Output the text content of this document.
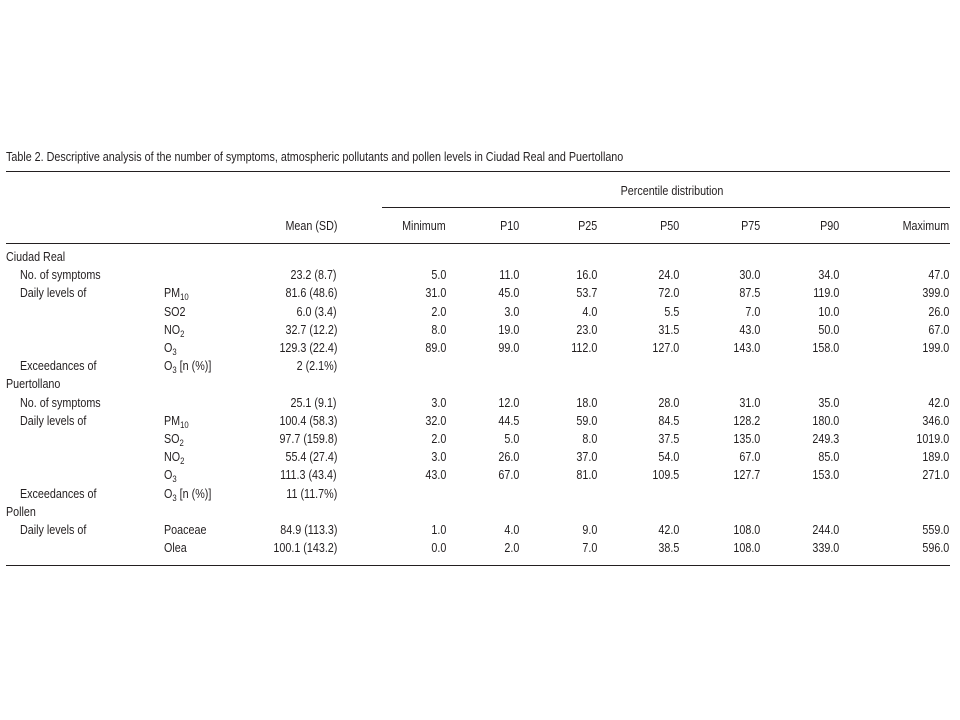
Table 2. Descriptive analysis of the number of symptoms, atmospheric pollutants and pollen levels in Ciudad Real and Puertollano
Percentile distribution
Mean (SD)	Minimum	P10	P25	P50	P75	P90	Maximum
Ciudad Real
No. of symptoms	23.2 (8.7)	5.0	11.0	16.0	24.0	30.0	34.0	47.0
Daily levels of	$PM_{10}$	81.6 (48.6)	31.0	45.0	53.7	72.0	87.5	119.0	399.0
SO2	6.0 (3.4)	2.0	3.0	4.0	5.5	7.0	10.0	26.0
$NO_2$	32.7 (12.2)	8.0	19.0	23.0	31.5	43.0	50.0	67.0
$O_3$	129.3 (22.4)	89.0	99.0	112.0	127.0	143.0	158.0	199.0
Exceedances of	$O_3$ [n (%)]	2 (2.1%)
Puertollano
No. of symptoms	25.1 (9.1)	3.0	12.0	18.0	28.0	31.0	35.0	42.0
Daily levels of	$PM_{10}$	100.4 (58.3)	32.0	44.5	59.0	84.5	128.2	180.0	346.0
$SO_2$	97.7 (159.8)	2.0	5.0	8.0	37.5	135.0	249.3	1019.0
$NO_2$	55.4 (27.4)	3.0	26.0	37.0	54.0	67.0	85.0	189.0
$O_3$	111.3 (43.4)	43.0	67.0	81.0	109.5	127.7	153.0	271.0
Exceedances of	$O_3$ [n (%)]	11 (11.7%)
Pollen
Daily levels of	Poaceae	84.9 (113.3)	1.0	4.0	9.0	42.0	108.0	244.0	559.0
Olea	100.1 (143.2)	0.0	2.0	7.0	38.5	108.0	339.0	596.0
